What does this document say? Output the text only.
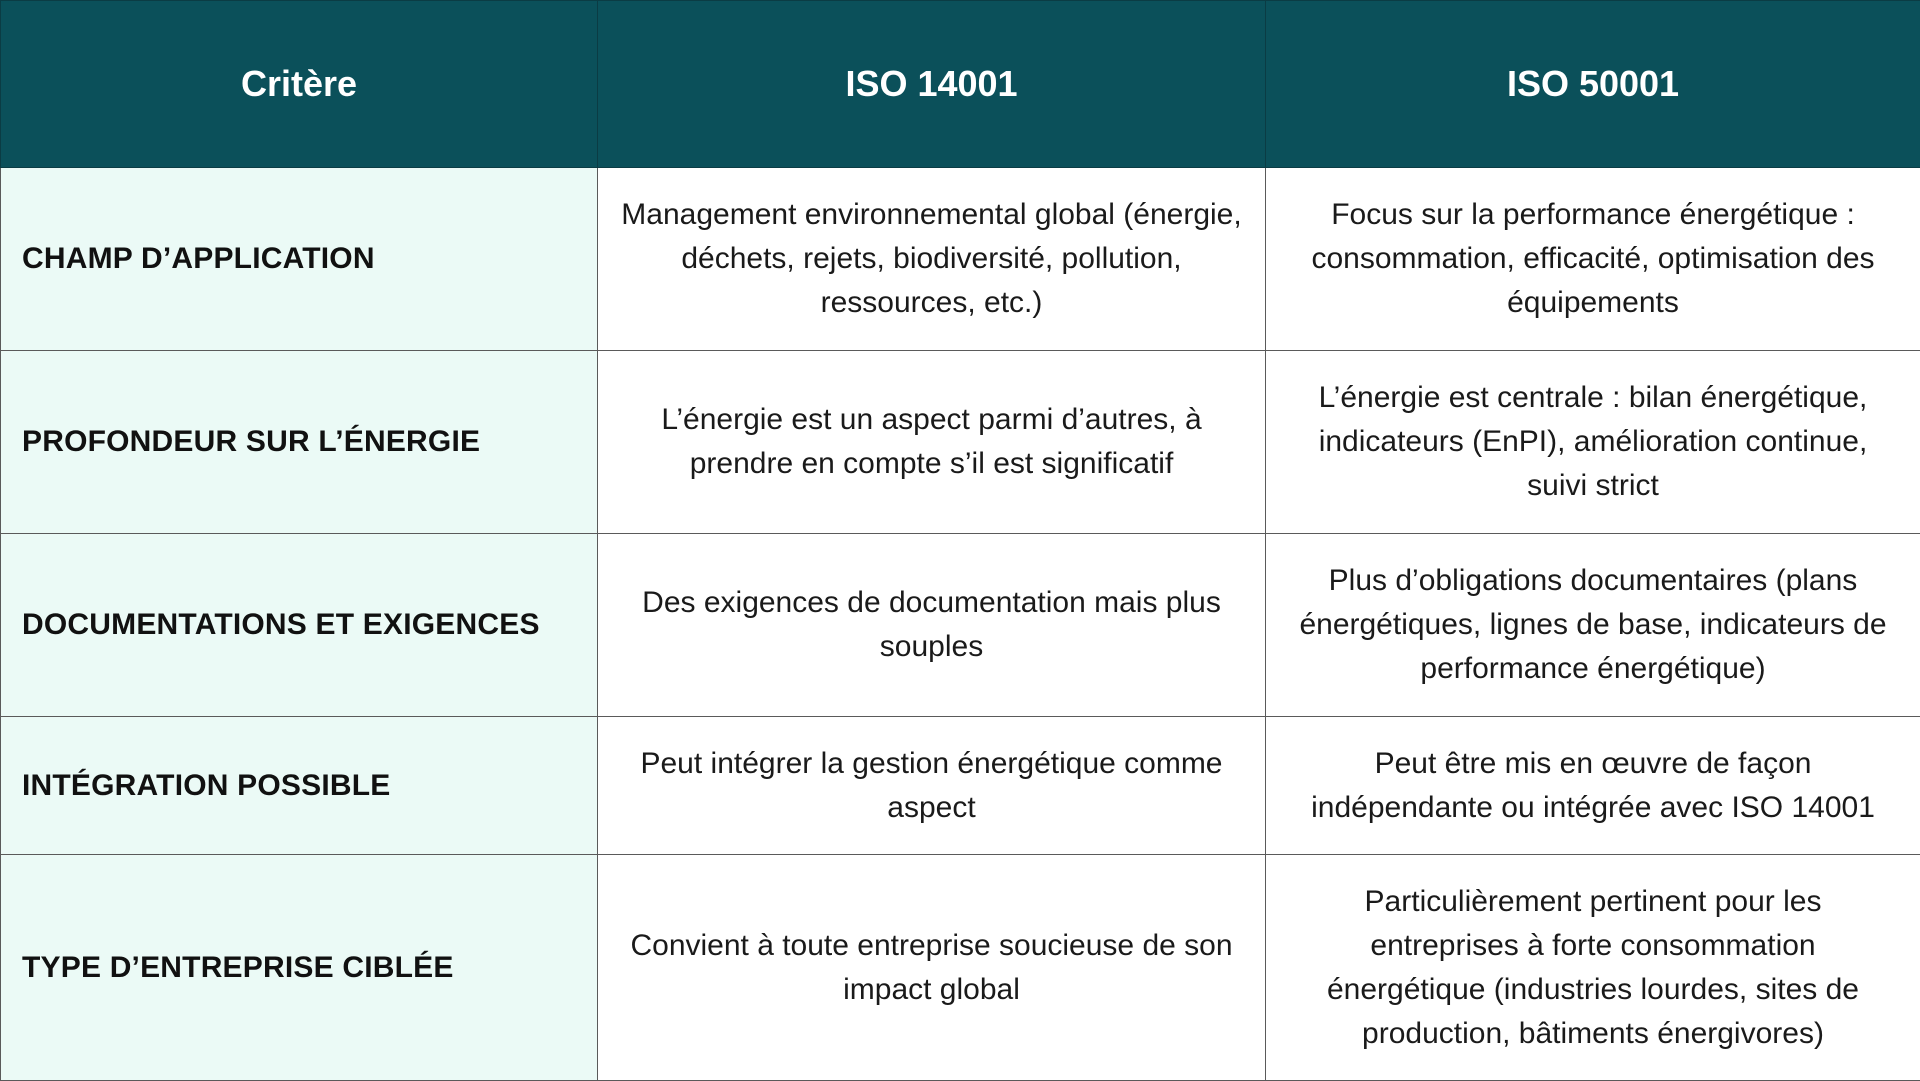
Critère	ISO 14001	ISO 50001
CHAMP D’APPLICATION	Management environnemental global (énergie, déchets, rejets, biodiversité, pollution, ressources, etc.)	Focus sur la performance énergétique : consommation, efficacité, optimisation des équipements
PROFONDEUR SUR L’ÉNERGIE	L’énergie est un aspect parmi d’autres, à prendre en compte s’il est significatif	L’énergie est centrale : bilan énergétique, indicateurs (EnPI), amélioration continue, suivi strict
DOCUMENTATIONS ET EXIGENCES	Des exigences de documentation mais plus souples	Plus d’obligations documentaires (plans énergétiques, lignes de base, indicateurs de performance énergétique)
INTÉGRATION POSSIBLE	Peut intégrer la gestion énergétique comme aspect	Peut être mis en œuvre de façon indépendante ou intégrée avec ISO 14001
TYPE D’ENTREPRISE CIBLÉE	Convient à toute entreprise soucieuse de son impact global	Particulièrement pertinent pour les entreprises à forte consommation énergétique (industries lourdes, sites de production, bâtiments énergivores)
